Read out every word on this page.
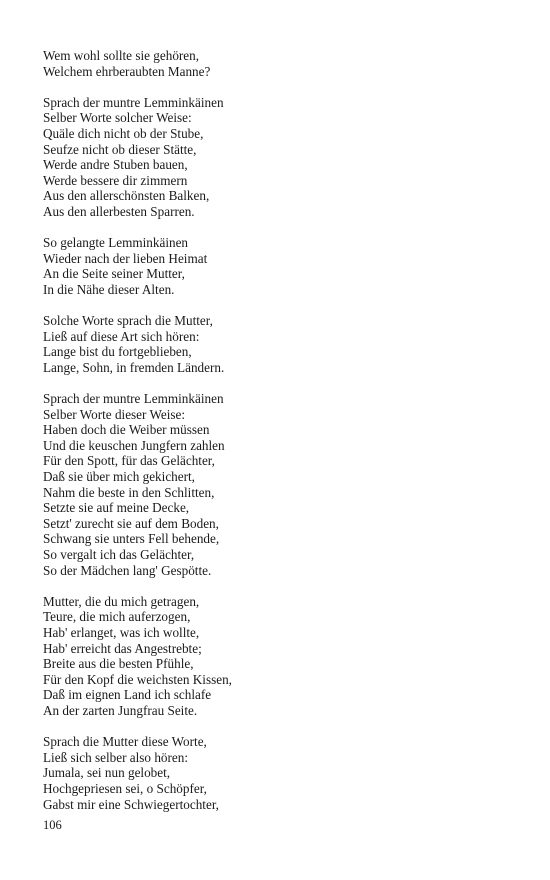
Wem wohl sollte sie gehören,
Welchem ehrberaubten Manne?
Sprach der muntre Lemminkäinen
Selber Worte solcher Weise:
Quäle dich nicht ob der Stube,
Seufze nicht ob dieser Stätte,
Werde andre Stuben bauen,
Werde bessere dir zimmern
Aus den allerschönsten Balken,
Aus den allerbesten Sparren.
So gelangte Lemminkäinen
Wieder nach der lieben Heimat
An die Seite seiner Mutter,
In die Nähe dieser Alten.
Solche Worte sprach die Mutter,
Ließ auf diese Art sich hören:
Lange bist du fortgeblieben,
Lange, Sohn, in fremden Ländern.
Sprach der muntre Lemminkäinen
Selber Worte dieser Weise:
Haben doch die Weiber müssen
Und die keuschen Jungfern zahlen
Für den Spott, für das Gelächter,
Daß sie über mich gekichert,
Nahm die beste in den Schlitten,
Setzte sie auf meine Decke,
Setzt' zurecht sie auf dem Boden,
Schwang sie unters Fell behende,
So vergalt ich das Gelächter,
So der Mädchen lang' Gespötte.
Mutter, die du mich getragen,
Teure, die mich auferzogen,
Hab' erlanget, was ich wollte,
Hab' erreicht das Angestrebte;
Breite aus die besten Pfühle,
Für den Kopf die weichsten Kissen,
Daß im eignen Land ich schlafe
An der zarten Jungfrau Seite.
Sprach die Mutter diese Worte,
Ließ sich selber also hören:
Jumala, sei nun gelobet,
Hochgepriesen sei, o Schöpfer,
Gabst mir eine Schwiegertochter,
106
